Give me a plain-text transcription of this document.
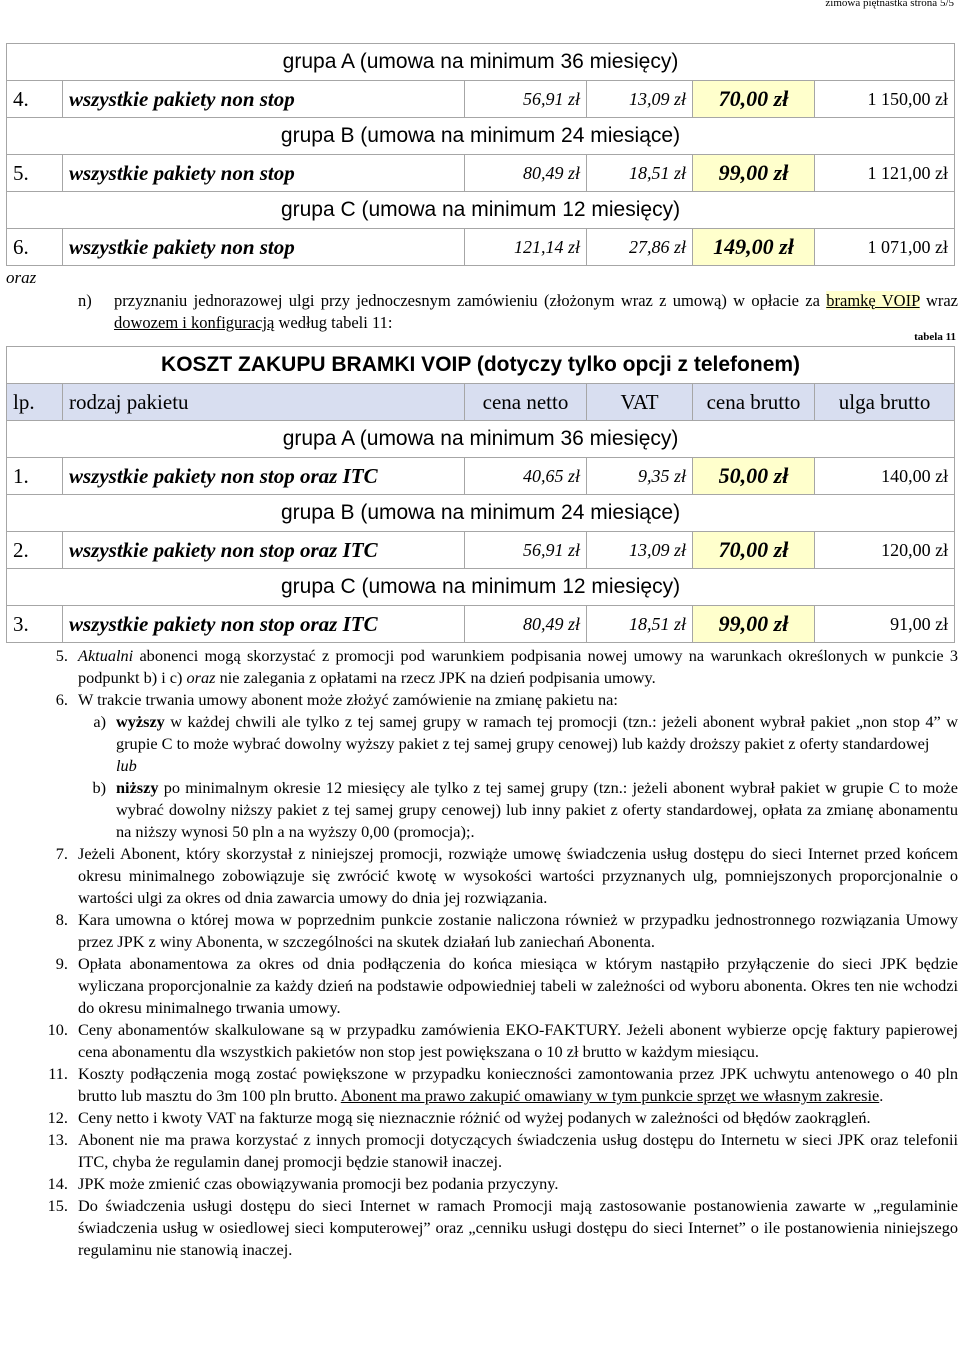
zimowa piętnastka strona 5/5
grupa A (umowa na minimum 36 miesięcy)					
4.	wszystkie pakiety non stop	56,91 zł	13,09 zł	70,00 zł	1 150,00 zł
grupa B (umowa na minimum 24 miesiące)					
5.	wszystkie pakiety non stop	80,49 zł	18,51 zł	99,00 zł	1 121,00 zł
grupa C (umowa na minimum 12 miesięcy)					
6.	wszystkie pakiety non stop	121,14 zł	27,86 zł	149,00 zł	1 071,00 zł
oraz
n) przyznaniu jednorazowej ulgi przy jednoczesnym zamówieniu (złożonym wraz z umową) w opłacie za bramkę VOIP wraz dowozem i konfiguracją według tabeli 11:
tabela 11
KOSZT ZAKUPU BRAMKI VOIP (dotyczy tylko opcji z telefonem)					
lp.	rodzaj pakietu	cena netto	VAT	cena brutto	ulga brutto
grupa A (umowa na minimum 36 miesięcy)					
1.	wszystkie pakiety non stop oraz ITC	40,65 zł	9,35 zł	50,00 zł	140,00 zł
grupa B (umowa na minimum 24 miesiące)					
2.	wszystkie pakiety non stop oraz ITC	56,91 zł	13,09 zł	70,00 zł	120,00 zł
grupa C (umowa na minimum 12 miesięcy)					
3.	wszystkie pakiety non stop oraz ITC	80,49 zł	18,51 zł	99,00 zł	91,00 zł
5. Aktualni abonenci mogą skorzystać z promocji pod warunkiem podpisania nowej umowy na warunkach określonych w punkcie 3 podpunkt b) i c) oraz nie zalegania z opłatami na rzecz JPK na dzień podpisania umowy.
6. W trakcie trwania umowy abonent może złożyć zamówienie na zmianę pakietu na:
a) wyższy w każdej chwili ale tylko z tej samej grupy w ramach tej promocji (tzn.: jeżeli abonent wybrał pakiet „non stop 4” w grupie C to może wybrać dowolny wyższy pakiet z tej samej grupy cenowej) lub każdy droższy pakiet z oferty standardowej
lub
b) niższy po minimalnym okresie 12 miesięcy ale tylko z tej samej grupy (tzn.: jeżeli abonent wybrał pakiet w grupie C to może wybrać dowolny niższy pakiet z tej samej grupy cenowej) lub inny pakiet z oferty standardowej, opłata za zmianę abonamentu na niższy wynosi 50 pln a na wyższy 0,00 (promocja);.
7. Jeżeli Abonent, który skorzystał z niniejszej promocji, rozwiąże umowę świadczenia usług dostępu do sieci Internet przed końcem okresu minimalnego zobowiązuje się zwrócić kwotę w wysokości wartości przyznanych ulg, pomniejszonych proporcjonalnie o wartości ulgi za okres od dnia zawarcia umowy do dnia jej rozwiązania.
8. Kara umowna o której mowa w poprzednim punkcie zostanie naliczona również w przypadku jednostronnego rozwiązania Umowy przez JPK z winy Abonenta, w szczególności na skutek działań lub zaniechań Abonenta.
9. Opłata abonamentowa za okres od dnia podłączenia do końca miesiąca w którym nastąpiło przyłączenie do sieci JPK będzie wyliczana proporcjonalnie za każdy dzień na podstawie odpowiedniej tabeli w zależności od wyboru abonenta. Okres ten nie wchodzi do okresu minimalnego trwania umowy.
10. Ceny abonamentów skalkulowane są w przypadku zamówienia EKO-FAKTURY. Jeżeli abonent wybierze opcję faktury papierowej cena abonamentu dla wszystkich pakietów non stop jest powiększana o 10 zł brutto w każdym miesiącu.
11. Koszty podłączenia mogą zostać powiększone w przypadku konieczności zamontowania przez JPK uchwytu antenowego o 40 pln brutto lub masztu do 3m 100 pln brutto. Abonent ma prawo zakupić omawiany w tym punkcie sprzęt we własnym zakresie.
12. Ceny netto i kwoty VAT na fakturze mogą się nieznacznie różnić od wyżej podanych w zależności od błędów zaokrągleń.
13. Abonent nie ma prawa korzystać z innych promocji dotyczących świadczenia usług dostępu do Internetu w sieci JPK oraz telefonii ITC, chyba że regulamin danej promocji będzie stanowił inaczej.
14. JPK może zmienić czas obowiązywania promocji bez podania przyczyny.
15. Do świadczenia usługi dostępu do sieci Internet w ramach Promocji mają zastosowanie postanowienia zawarte w „regulaminie świadczenia usług w osiedlowej sieci komputerowej” oraz „cenniku usługi dostępu do sieci Internet” o ile postanowienia niniejszego regulaminu nie stanowią inaczej.
